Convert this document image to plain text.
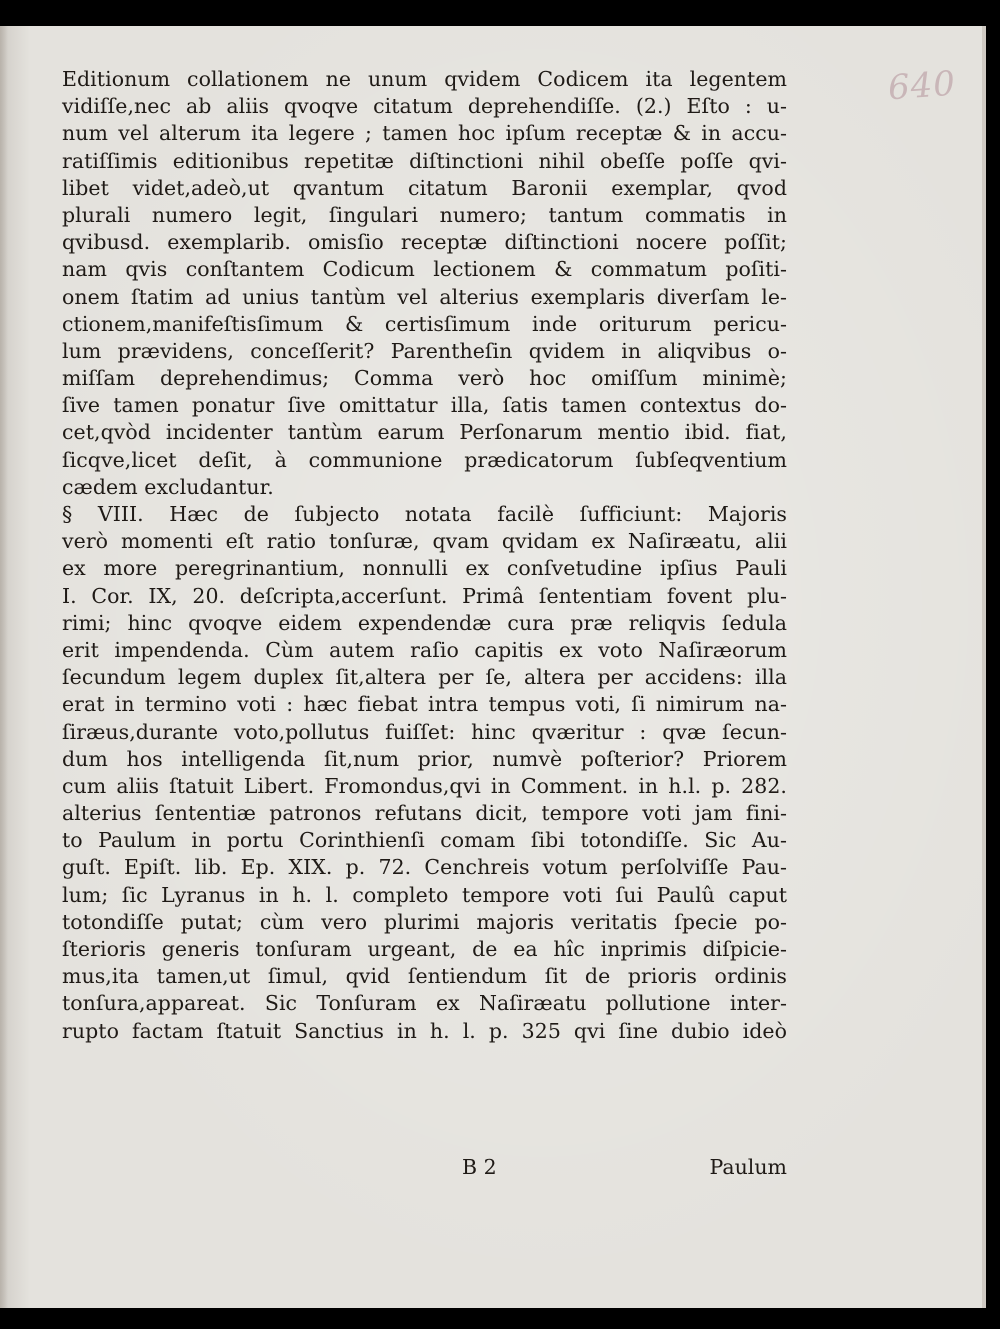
640
Editionum collationem ne unum qvidem Codicem ita legentem
vidiſſe,nec ab aliis qvoqve citatum deprehendiſſe. (2.) Eſto : u-
num vel alterum ita legere ; tamen hoc ipſum receptæ & in accu-
ratiſſimis editionibus repetitæ diſtinctioni nihil obeſſe poſſe qvi-
libet videt,adeò,ut qvantum citatum Baronii exemplar, qvod
plurali numero legit, ſingulari numero; tantum commatis in
qvibusd. exemplarib. omisſio receptæ diſtinctioni nocere poſſit;
nam qvis conſtantem Codicum lectionem & commatum poſiti-
onem ſtatim ad unius tantùm vel alterius exemplaris diverſam le-
ctionem,manifeſtisſimum & certisſimum inde oriturum pericu-
lum prævidens, conceſſerit? Parentheſin qvidem in aliqvibus o-
miſſam deprehendimus; Comma verò hoc omiſſum minimè;
ſive tamen ponatur ſive omittatur illa, ſatis tamen contextus do-
cet,qvòd incidenter tantùm earum Perſonarum mentio ibid. fiat,
ſicqve,licet deſit, à communione prædicatorum ſubſeqventium
cædem excludantur.
§ VIII. Hæc de ſubjecto notata facilè ſufficiunt: Majoris
verò momenti eſt ratio tonſuræ, qvam qvidam ex Naſiræatu, alii
ex more peregrinantium, nonnulli ex conſvetudine ipſius Pauli
I. Cor. IX, 20. deſcripta,accerſunt. Primâ ſententiam fovent plu-
rimi; hinc qvoqve eidem expendendæ cura præ reliqvis ſedula
erit impendenda. Cùm autem raſio capitis ex voto Naſiræorum
ſecundum legem duplex ſit,altera per ſe, altera per accidens: illa
erat in termino voti : hæc fiebat intra tempus voti, ſi nimirum na-
ſiræus,durante voto,pollutus fuiſſet: hinc qværitur : qvæ ſecun-
dum hos intelligenda ſit,num prior, numvè poſterior? Priorem
cum aliis ſtatuit Libert. Fromondus,qvi in Comment. in h.l. p. 282.
alterius ſententiæ patronos refutans dicit, tempore voti jam fini-
to Paulum in portu Corinthienſi comam ſibi totondiſſe. Sic Au-
guſt. Epiſt. lib. Ep. XIX. p. 72. Cenchreis votum perſolviſſe Pau-
lum; ſic Lyranus in h. l. completo tempore voti ſui Paulû caput
totondiſſe putat; cùm vero plurimi majoris veritatis ſpecie po-
ſterioris generis tonſuram urgeant, de ea hîc inprimis diſpicie-
mus,ita tamen,ut ſimul, qvid ſentiendum ſit de prioris ordinis
tonſura,appareat. Sic Tonſuram ex Naſiræatu pollutione inter-
rupto factam ſtatuit Sanctius in h. l. p. 325 qvi ſine dubio ideò
B 2	Paulum
